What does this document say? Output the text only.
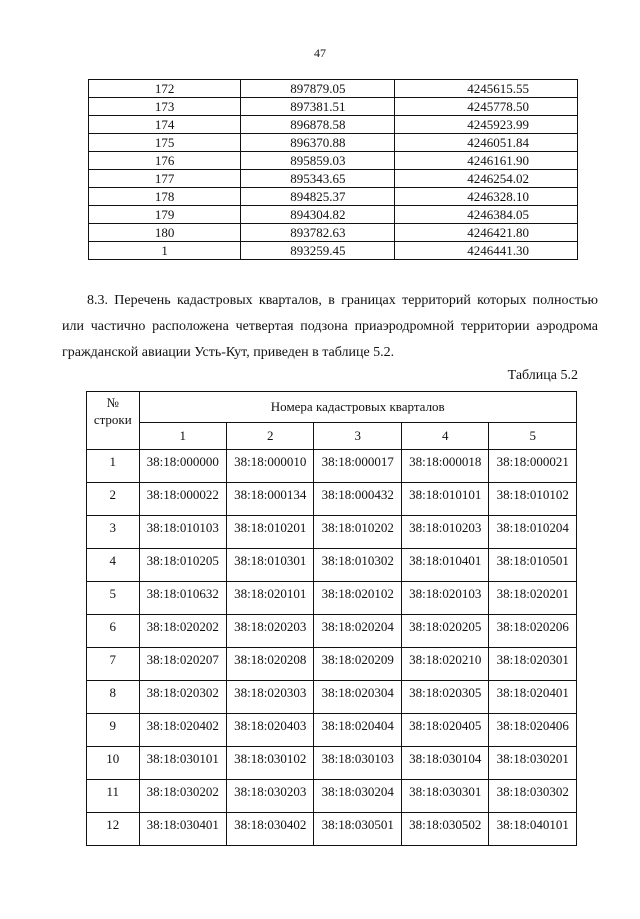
47
172	897879.05	4245615.55
173	897381.51	4245778.50
174	896878.58	4245923.99
175	896370.88	4246051.84
176	895859.03	4246161.90
177	895343.65	4246254.02
178	894825.37	4246328.10
179	894304.82	4246384.05
180	893782.63	4246421.80
1	893259.45	4246441.30
8.3. Перечень кадастровых кварталов, в границах территорий которых полностью или частично расположена четвертая подзона приаэродромной территории аэродрома гражданской авиации Усть-Кут, приведен в таблице 5.2.
Таблица 5.2
№
строки	Номера кадастровых кварталов				
	1	2	3	4	5
1	38:18:000000	38:18:000010	38:18:000017	38:18:000018	38:18:000021
2	38:18:000022	38:18:000134	38:18:000432	38:18:010101	38:18:010102
3	38:18:010103	38:18:010201	38:18:010202	38:18:010203	38:18:010204
4	38:18:010205	38:18:010301	38:18:010302	38:18:010401	38:18:010501
5	38:18:010632	38:18:020101	38:18:020102	38:18:020103	38:18:020201
6	38:18:020202	38:18:020203	38:18:020204	38:18:020205	38:18:020206
7	38:18:020207	38:18:020208	38:18:020209	38:18:020210	38:18:020301
8	38:18:020302	38:18:020303	38:18:020304	38:18:020305	38:18:020401
9	38:18:020402	38:18:020403	38:18:020404	38:18:020405	38:18:020406
10	38:18:030101	38:18:030102	38:18:030103	38:18:030104	38:18:030201
11	38:18:030202	38:18:030203	38:18:030204	38:18:030301	38:18:030302
12	38:18:030401	38:18:030402	38:18:030501	38:18:030502	38:18:040101
